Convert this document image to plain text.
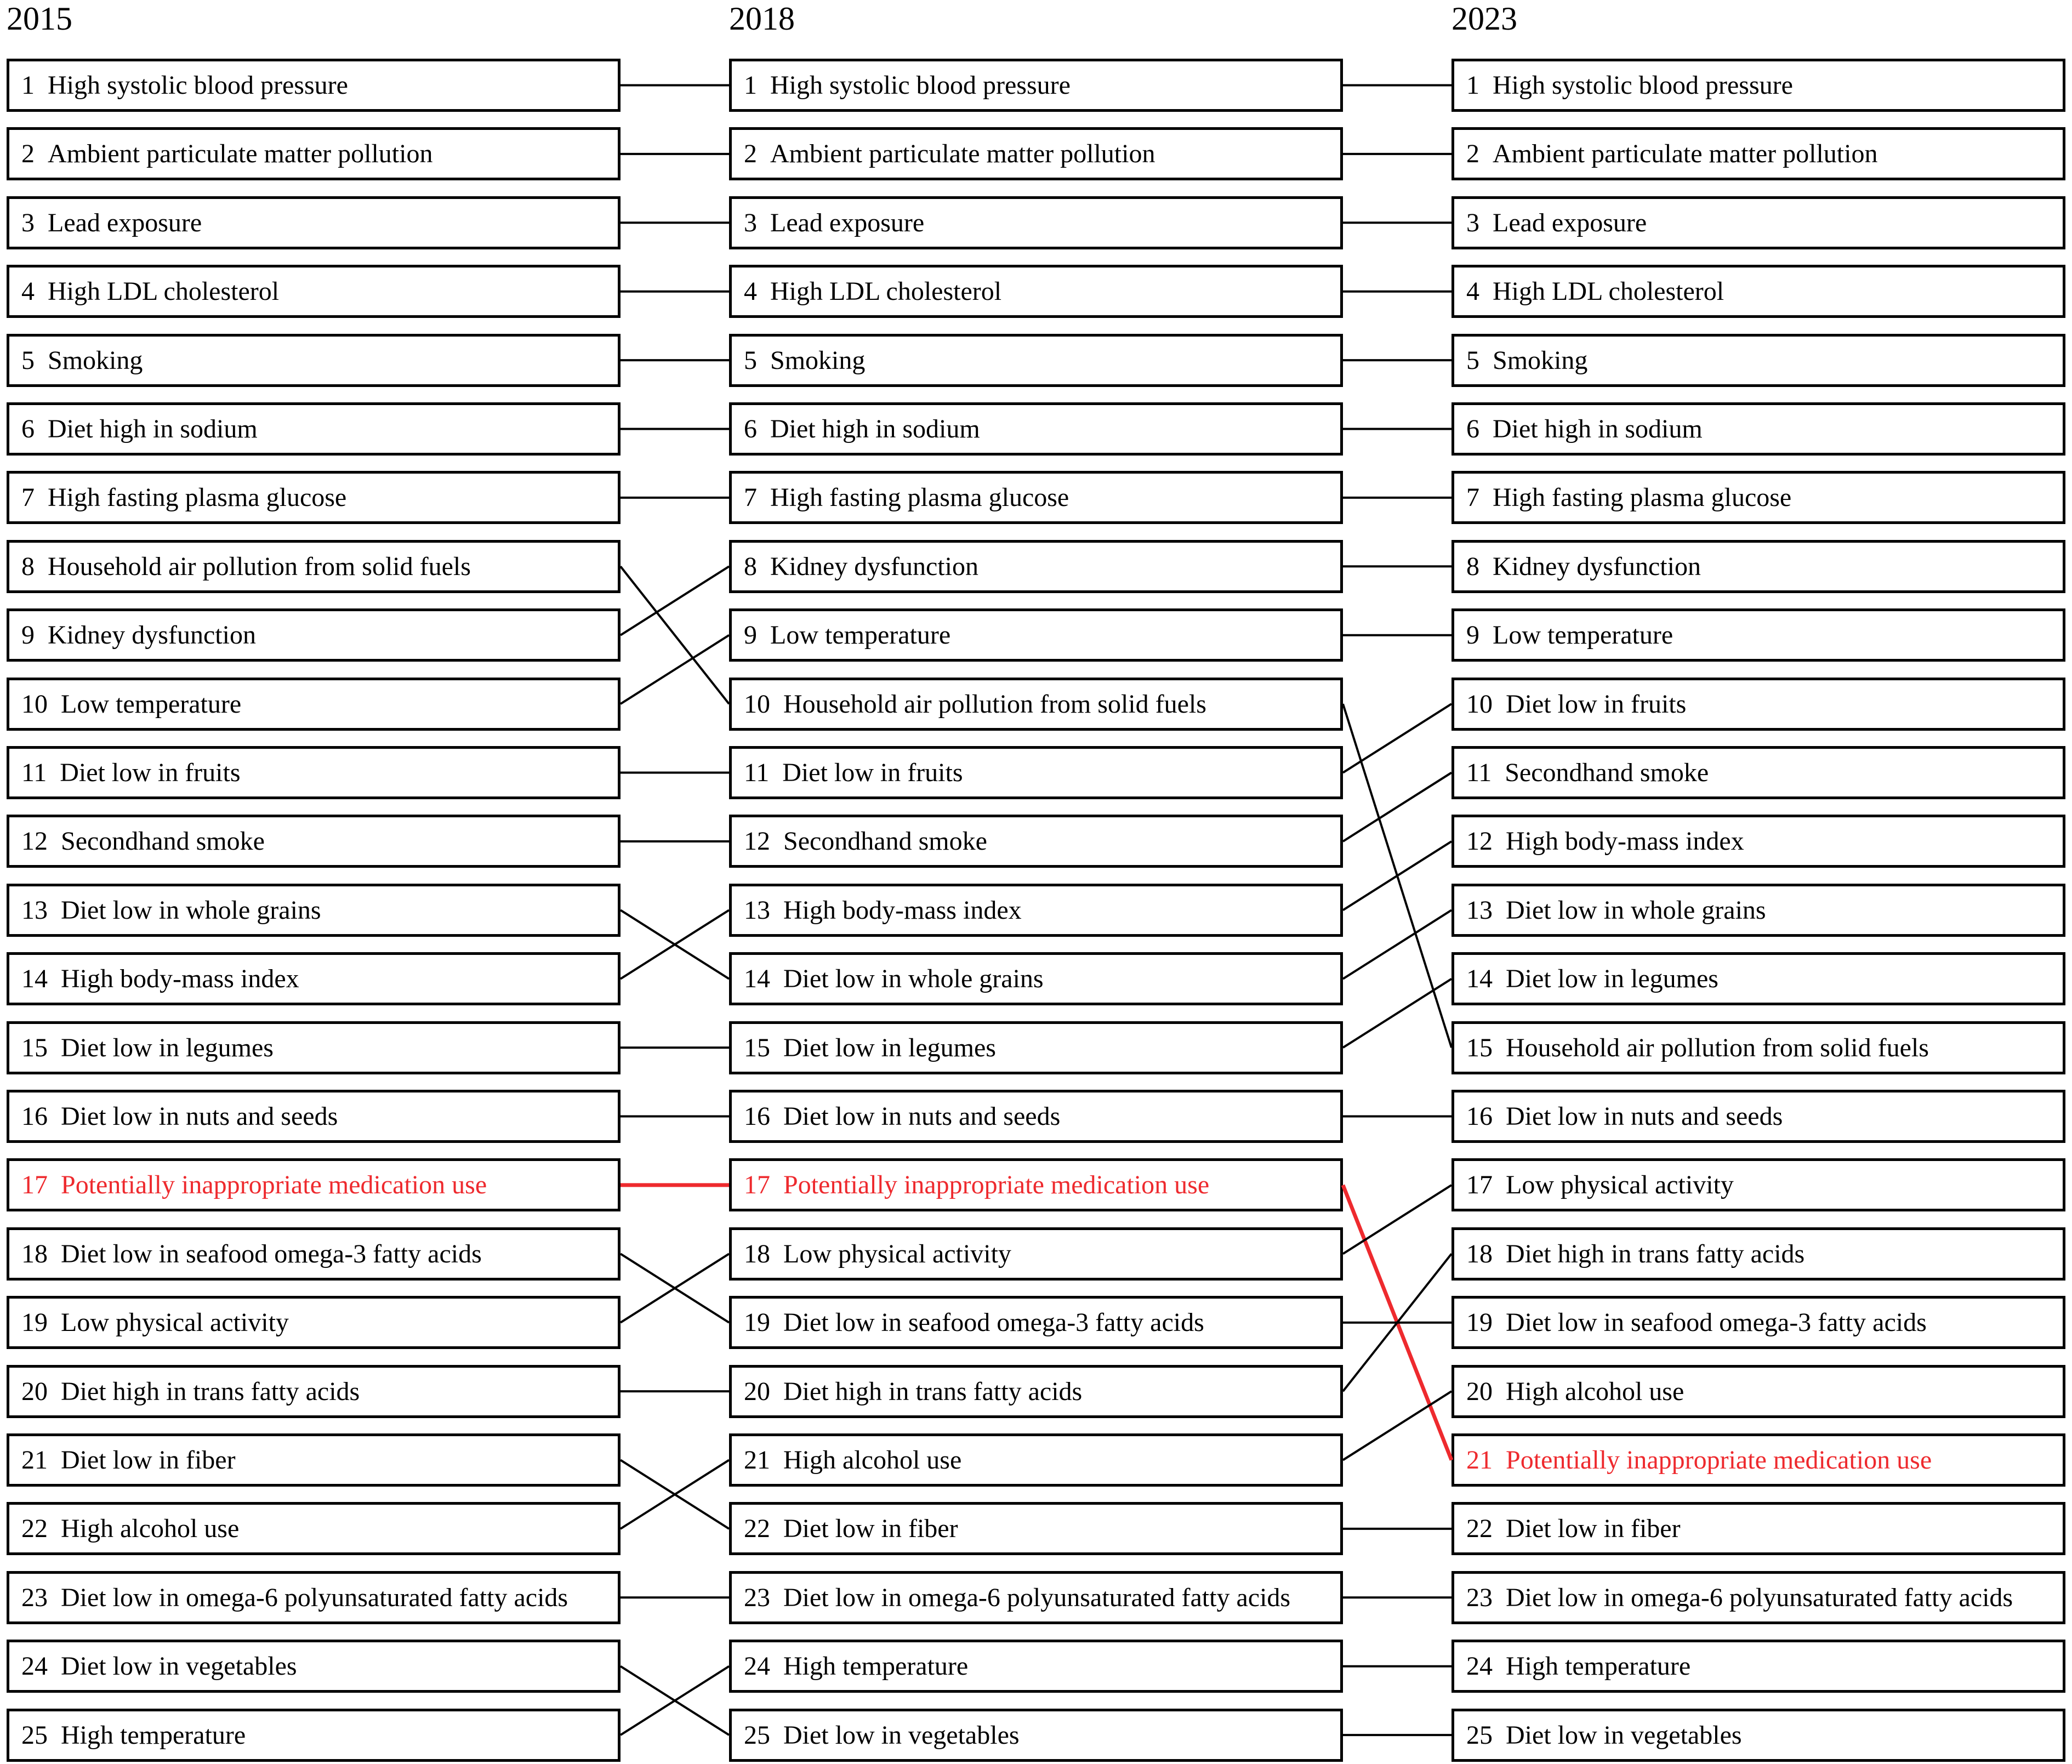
2015	2018	2023
1 High systolic blood pressure
2 Ambient particulate matter pollution
3 Lead exposure
4 High LDL cholesterol
5 Smoking
6 Diet high in sodium
7 High fasting plasma glucose
8 Household air pollution from solid fuels
9 Kidney dysfunction
10 Low temperature
11 Diet low in fruits
12 Secondhand smoke
13 Diet low in whole grains
14 High body-mass index
15 Diet low in legumes
16 Diet low in nuts and seeds
17 Potentially inappropriate medication use
18 Diet low in seafood omega-3 fatty acids
19 Low physical activity
20 Diet high in trans fatty acids
21 Diet low in fiber
22 High alcohol use
23 Diet low in omega-6 polyunsaturated fatty acids
24 Diet low in vegetables
25 High temperature
1 High systolic blood pressure
2 Ambient particulate matter pollution
3 Lead exposure
4 High LDL cholesterol
5 Smoking
6 Diet high in sodium
7 High fasting plasma glucose
8 Kidney dysfunction
9 Low temperature
10 Household air pollution from solid fuels
11 Diet low in fruits
12 Secondhand smoke
13 High body-mass index
14 Diet low in whole grains
15 Diet low in legumes
16 Diet low in nuts and seeds
17 Potentially inappropriate medication use
18 Low physical activity
19 Diet low in seafood omega-3 fatty acids
20 Diet high in trans fatty acids
21 High alcohol use
22 Diet low in fiber
23 Diet low in omega-6 polyunsaturated fatty acids
24 High temperature
25 Diet low in vegetables
1 High systolic blood pressure
2 Ambient particulate matter pollution
3 Lead exposure
4 High LDL cholesterol
5 Smoking
6 Diet high in sodium
7 High fasting plasma glucose
8 Kidney dysfunction
9 Low temperature
10 Diet low in fruits
11 Secondhand smoke
12 High body-mass index
13 Diet low in whole grains
14 Diet low in legumes
15 Household air pollution from solid fuels
16 Diet low in nuts and seeds
17 Low physical activity
18 Diet high in trans fatty acids
19 Diet low in seafood omega-3 fatty acids
20 High alcohol use
21 Potentially inappropriate medication use
22 Diet low in fiber
23 Diet low in omega-6 polyunsaturated fatty acids
24 High temperature
25 Diet low in vegetables
